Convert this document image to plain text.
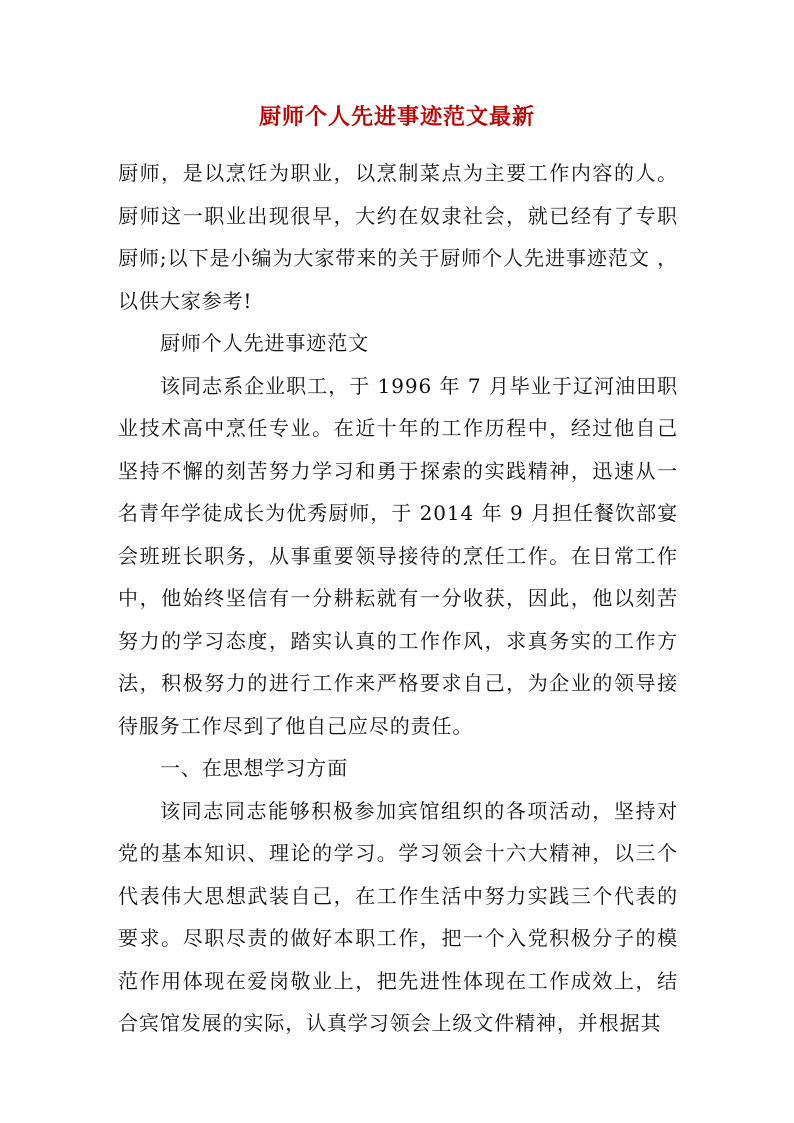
厨师个人先进事迹范文最新

厨师，是以烹饪为职业，以烹制菜点为主要工作内容的人。厨师这一职业出现很早，大约在奴隶社会，就已经有了专职厨师;以下是小编为大家带来的关于厨师个人先进事迹范文 ，以供大家参考!

厨师个人先进事迹范文

该同志系企业职工，于 1996 年 7 月毕业于辽河油田职业技术高中烹任专业。在近十年的工作历程中，经过他自己坚持不懈的刻苦努力学习和勇于探索的实践精神，迅速从一名青年学徒成长为优秀厨师，于 2014 年 9 月担任餐饮部宴会班班长职务，从事重要领导接待的烹任工作。在日常工作中，他始终坚信有一分耕耘就有一分收获，因此，他以刻苦努力的学习态度，踏实认真的工作作风，求真务实的工作方法，积极努力的进行工作来严格要求自己，为企业的领导接待服务工作尽到了他自己应尽的责任。

一、在思想学习方面

该同志同志能够积极参加宾馆组织的各项活动，坚持对党的基本知识、理论的学习。学习领会十六大精神，以三个代表伟大思想武装自己，在工作生活中努力实践三个代表的要求。尽职尽责的做好本职工作，把一个入党积极分子的模范作用体现在爱岗敬业上，把先进性体现在工作成效上，结合宾馆发展的实际，认真学习领会上级文件精神，并根据其
